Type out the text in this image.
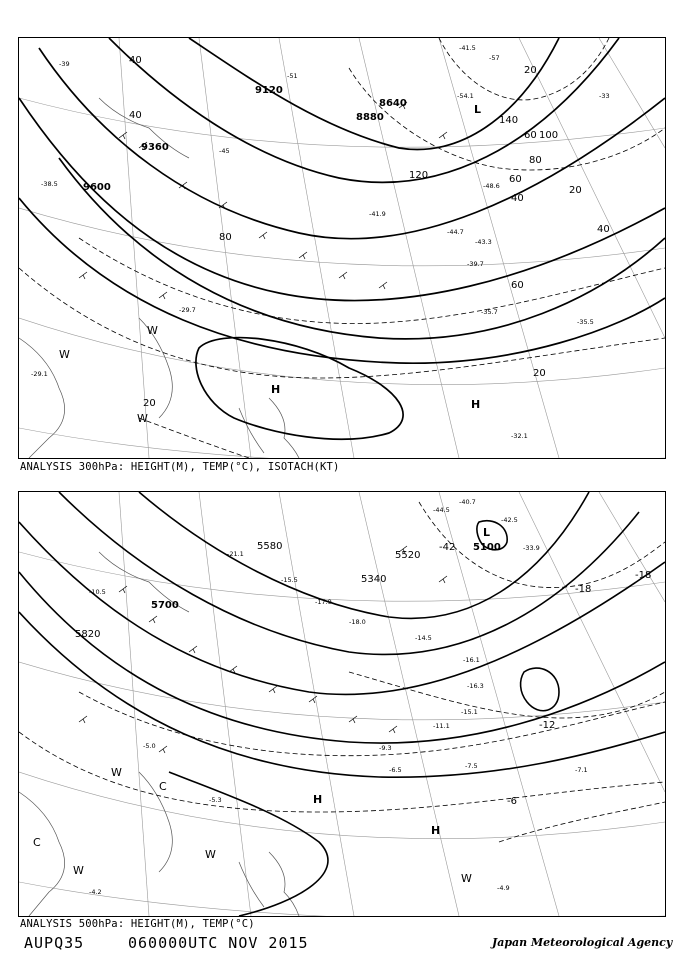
9120
8880
8640
9360
9600
40
40
20
60
80
100
120
140
20
40
60
80
60
40
20
20
H
H
W
W
W
L
-39
-45
-51
-57
-41.5
-54.1
-48.6
-33
-38.5
-39.7
-35.7
-35.5
-29.7
-29.1
-32.1
-41.9
-44.7
-43.3
ANALYSIS 300hPa: HEIGHT(M), TEMP(°C), ISOTACH(KT)
5580
5700
5820
5340
5100
5520
-18
-18
-12
-6
-42
H
H
L
W
W
W
W
C
C
-40.7
-44.5
-42.5
-33.9
-21.1
-15.5
-17.9
-18.0
-14.5
-16.1
-16.3
-15.1
-11.1
-9.3
-7.5	-7.1
-6.5
-5.3
-4.9
-4.2
-10.5
-5.0
ANALYSIS 500hPa: HEIGHT(M), TEMP(°C)
AUPQ35	060000UTC NOV 2015	Japan Meteorological Agency
